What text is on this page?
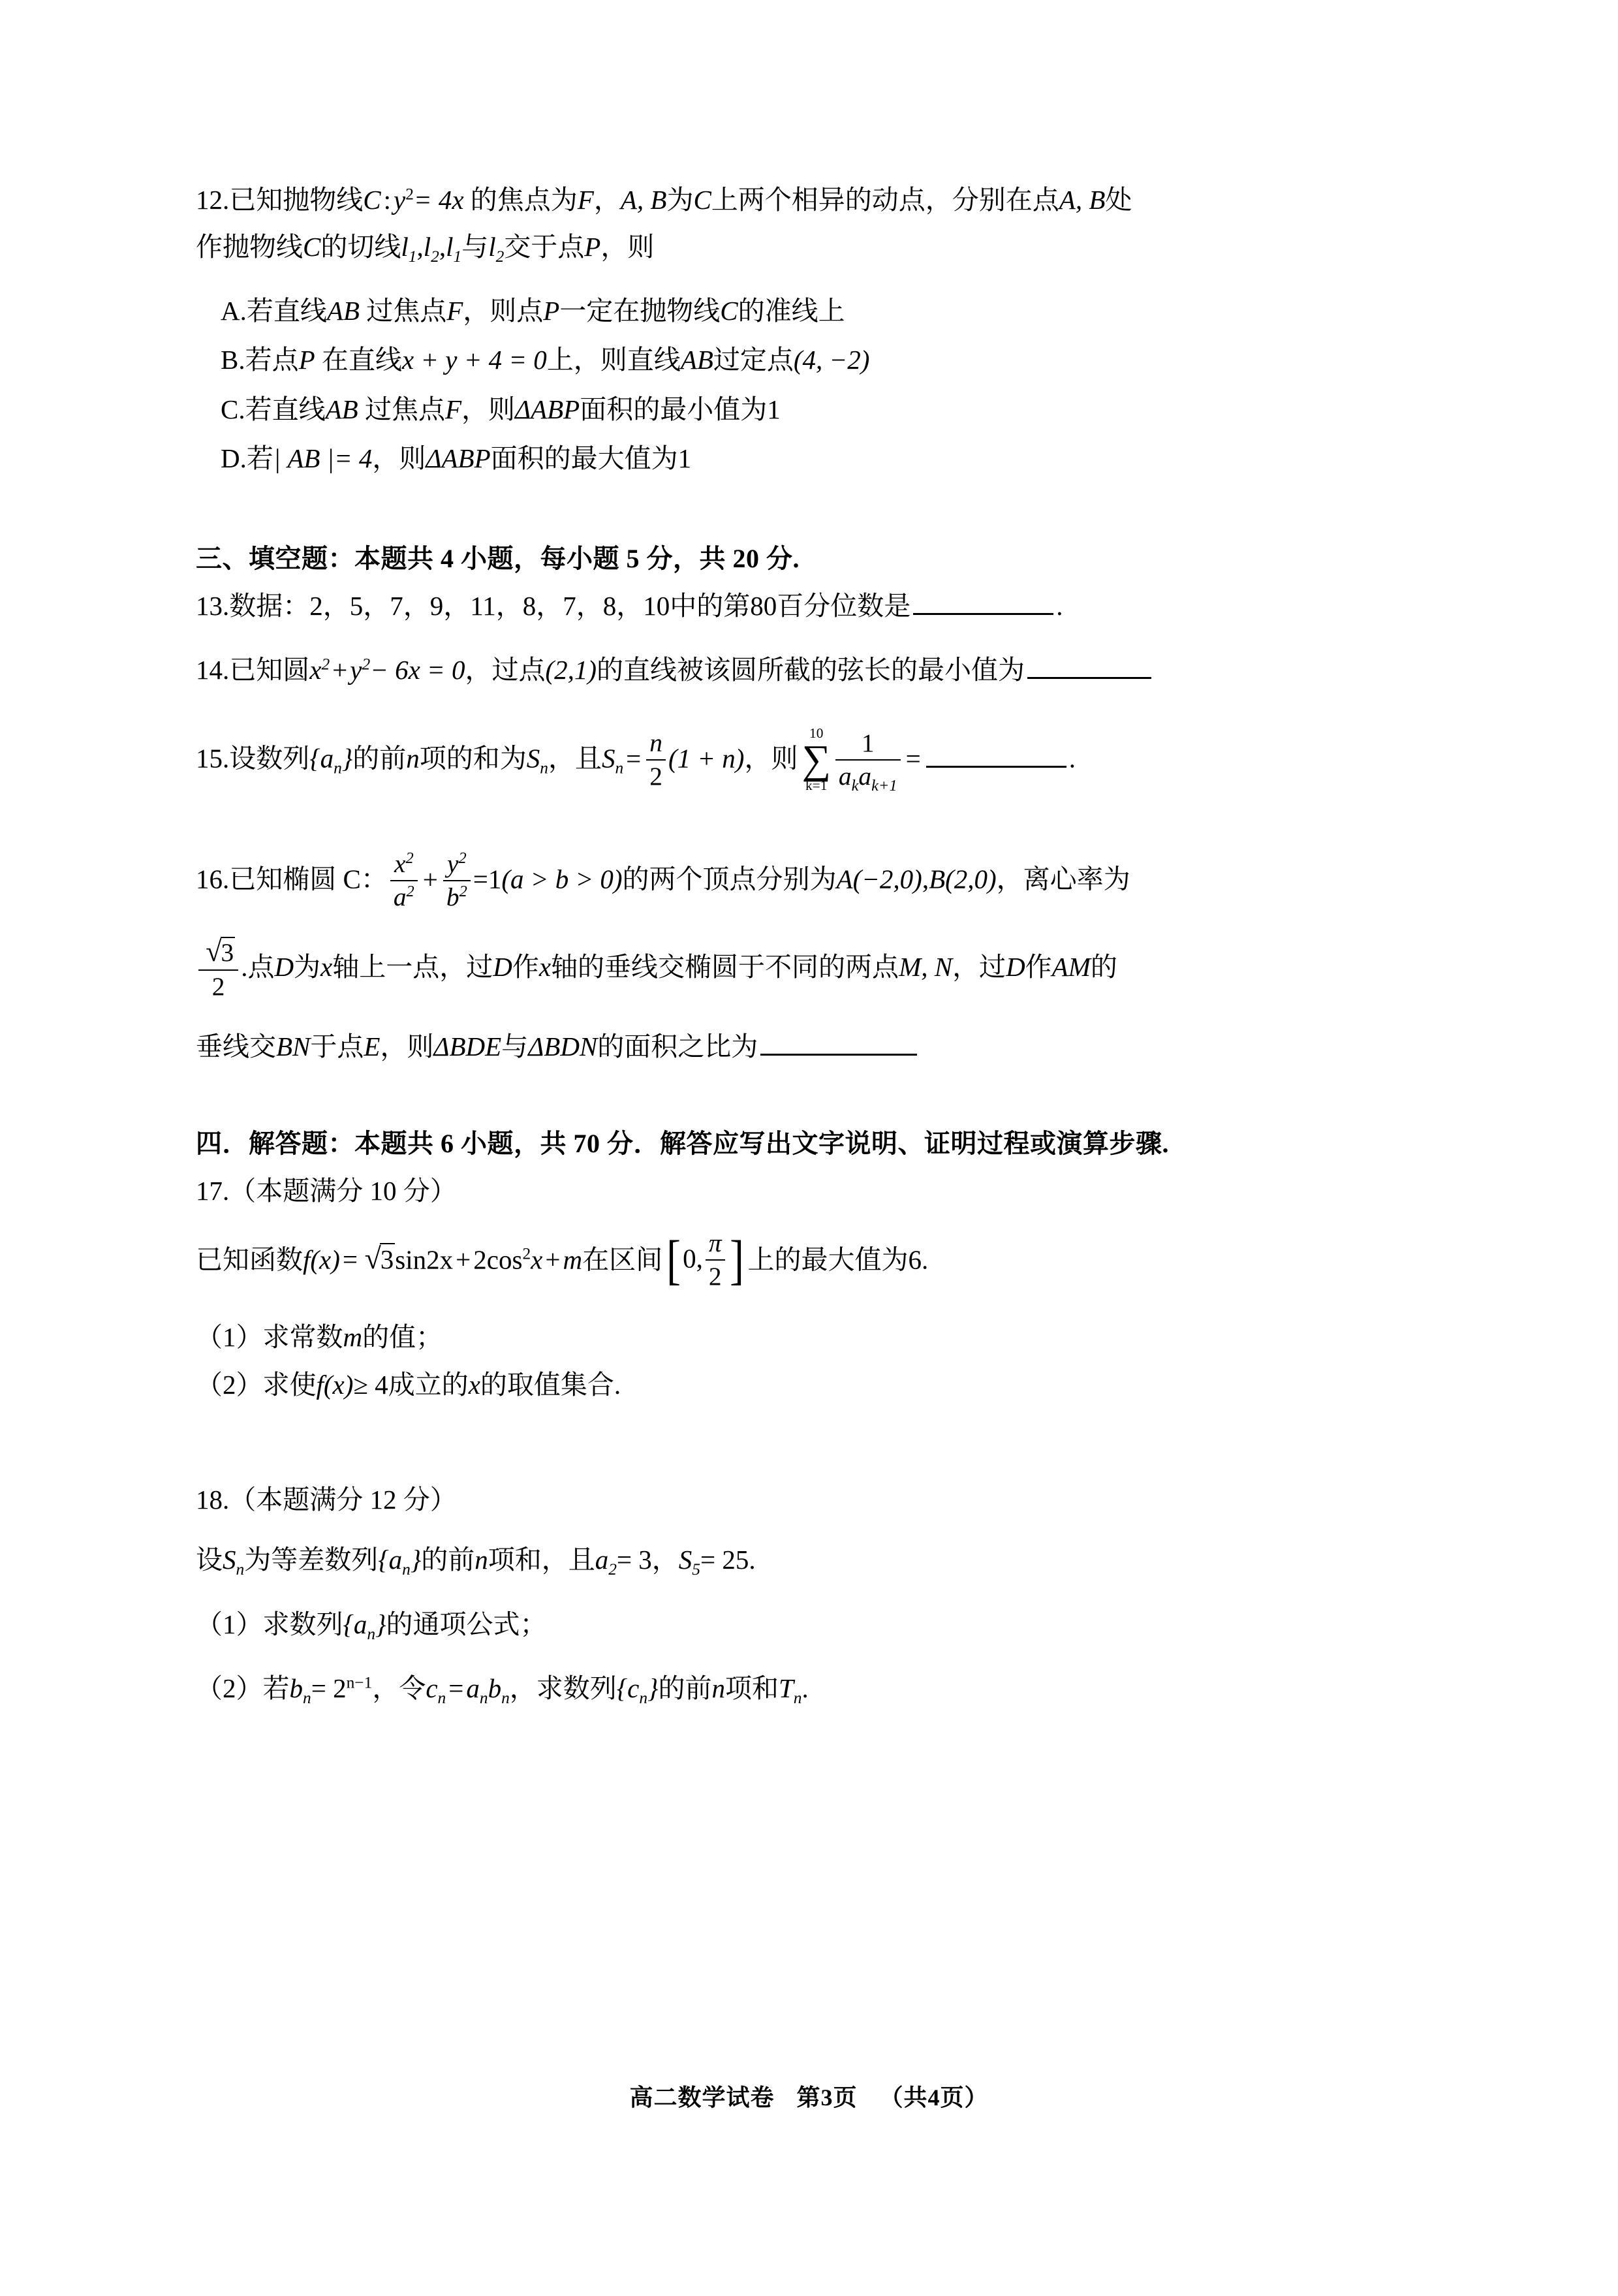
12.已知抛物线$C:y^2= 4x$ 的焦点为F，A, B为C上两个相异的动点，分别在点A, B处
作抛物线C的切线$l_1,l_2,l_1$与$l_2$交于点P，则
A.若直线AB 过焦点F，则点P一定在抛物线C的准线上
B.若点P 在直线x + y + 4 = 0上，则直线AB过定点(4, −2)
C.若直线AB 过焦点F，则ΔABP面积的最小值为1
D.若| AB |= 4，则ΔABP面积的最大值为1
三、填空题：本题共 4 小题，每小题 5 分，共 20 分.
13.数据：2，5，7，9，11，8，7，8，10中的第80百分位数是	.
14.已知圆$x^2+y^2- 6x = 0$，过点(2,1)的直线被该圆所截的弦长的最小值为
15.设数列$\{a_n\}$的前n项的和为$S_n$，且$S_n= \frac{n}{2} (1 + n)$，则
10
∑
$k=1 \frac{1}{a_ka_{k+1}}$ =	.
16.已知椭圆 C： $\frac{x^2}{a^2} + \frac{y^2}{b^2} =1(a > b > 0)$的两个顶点分别为A(−2,0),B(2,0)，离心率为
$\frac{√3}{2}$ .点D为x轴上一点，过D作x轴的垂线交椭圆于不同的两点M, N，过D作AM的
垂线交BN于点E，则ΔBDE与ΔBDN的面积之比为
四．解答题：本题共 6 小题，共 70 分．解答应写出文字说明、证明过程或演算步骤.
17.（本题满分 10 分）
已知函数$f(x)= √3\sin 2x+2\cos^2x+m$在区间[0, $\frac{\pi}{2}$ ] 上的最大值为6.
（1）求常数m的值；
（2）求使f(x)≥ 4成立的x的取值集合.
18.（本题满分 12 分）
设$S_n$为等差数列$\{a_n\}$的前n项和，且$a_2= 3$，$S_5= 25$.
（1）求数列$\{a_n\}$的通项公式；
（2）若$b_n= 2^{n-1}$，令$c_n=a_nb_n$，求数列$\{c_n\}$的前n项和$T_n$.
高二数学试卷 第3页 （共4页）
